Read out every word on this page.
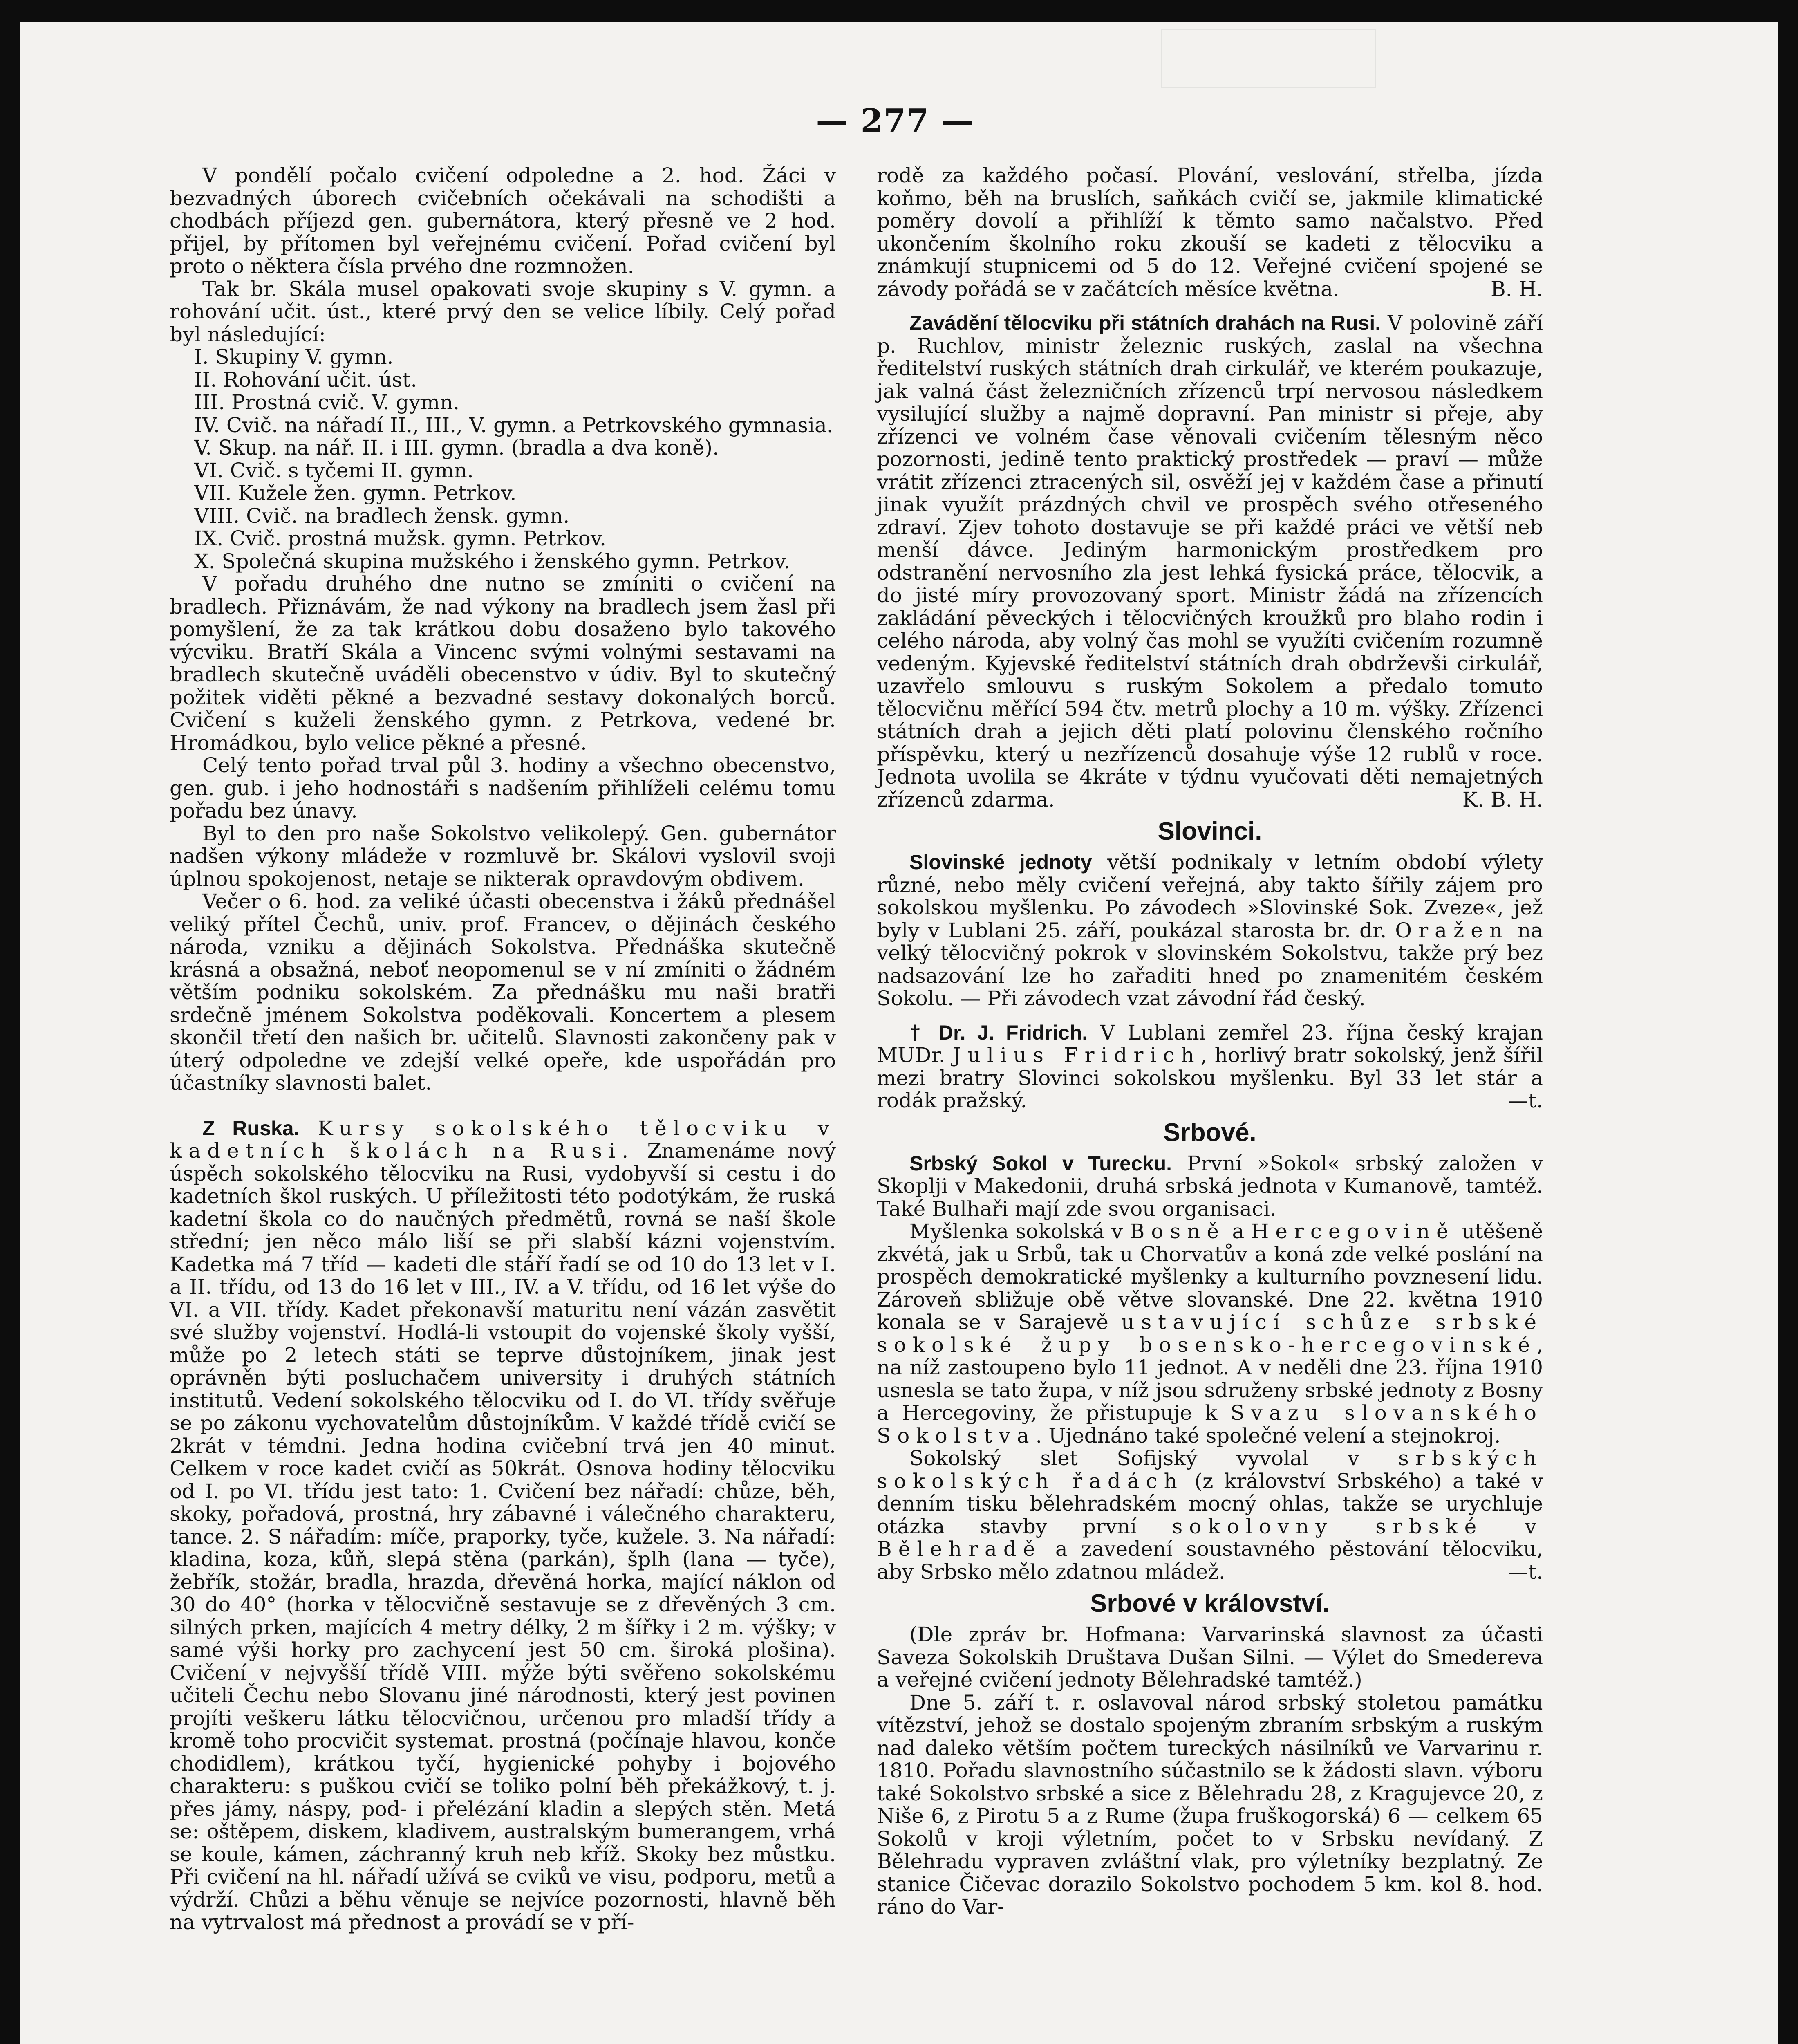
— 277 —

V pondělí počalo cvičení odpoledne a 2. hod. Žáci v bezvadných úborech cvičebních očekávali na schodišti a chodbách příjezd gen. gubernátora, který přesně ve 2 hod. přijel, by přítomen byl veřejnému cvičení. Pořad cvičení byl proto o některa čísla prvého dne rozmnožen.

Tak br. Skála musel opakovati svoje skupiny s V. gymn. a rohování učit. úst., které prvý den se velice líbily. Celý pořad byl následující:

I. Skupiny V. gymn.

II. Rohování učit. úst.

III. Prostná cvič. V. gymn.

IV. Cvič. na nářadí II., III., V. gymn. a Petrkovského gymnasia.

V. Skup. na nář. II. i III. gymn. (bradla a dva koně).

VI. Cvič. s tyčemi II. gymn.

VII. Kužele žen. gymn. Petrkov.

VIII. Cvič. na bradlech žensk. gymn.

IX. Cvič. prostná mužsk. gymn. Petrkov.

X. Společná skupina mužského i ženského gymn. Petrkov.

V pořadu druhého dne nutno se zmíniti o cvičení na bradlech. Přiznávám, že nad výkony na bradlech jsem žasl při pomyšlení, že za tak krátkou dobu dosaženo bylo takového výcviku. Bratří Skála a Vincenc svými volnými sestavami na bradlech skutečně uváděli obecenstvo v údiv. Byl to skutečný požitek viděti pěkné a bezvadné sestavy dokonalých borců. Cvičení s kuželi ženského gymn. z Petrkova, vedené br. Hromádkou, bylo velice pěkné a přesné.

Celý tento pořad trval půl 3. hodiny a všechno obecenstvo, gen. gub. i jeho hodnostáři s nadšením přihlíželi celému tomu pořadu bez únavy.

Byl to den pro naše Sokolstvo velikolepý. Gen. gubernátor nadšen výkony mládeže v rozmluvě br. Skálovi vyslovil svoji úplnou spokojenost, netaje se nikterak opravdovým obdivem.

Večer o 6. hod. za veliké účasti obecenstva i žáků přednášel veliký přítel Čechů, univ. prof. Francev, o dějinách českého národa, vzniku a dějinách Sokolstva. Přednáška skutečně krásná a obsažná, neboť neopomenul se v ní zmíniti o žádném větším podniku sokolském. Za přednášku mu naši bratři srdečně jménem Sokolstva poděkovali. Koncertem a plesem skončil třetí den našich br. učitelů. Slavnosti zakončeny pak v úterý odpoledne ve zdejší velké opeře, kde uspořádán pro účastníky slavnosti balet.

Z Ruska. Kursy sokolského tělocviku v kadetních školách na Rusi. Znamenáme nový úspěch sokolského tělocviku na Rusi, vydobyvší si cestu i do kadetních škol ruských. U příležitosti této podotýkám, že ruská kadetní škola co do naučných předmětů, rovná se naší škole střední; jen něco málo liší se při slabší kázni vojenstvím. Kadetka má 7 tříd — kadeti dle stáří řadí se od 10 do 13 let v I. a II. třídu, od 13 do 16 let v III., IV. a V. třídu, od 16 let výše do VI. a VII. třídy. Kadet překonavší maturitu není vázán zasvětit své služby vojenství. Hodlá-li vstoupit do vojenské školy vyšší, může po 2 letech státi se teprve důstojníkem, jinak jest oprávněn býti posluchačem university i druhých státních institutů. Vedení sokolského tělocviku od I. do VI. třídy svěřuje se po zákonu vychovatelům důstojníkům. V každé třídě cvičí se 2krát v témdni. Jedna hodina cvičební trvá jen 40 minut. Celkem v roce kadet cvičí as 50krát. Osnova hodiny tělocviku od I. po VI. třídu jest tato: 1. Cvičení bez nářadí: chůze, běh, skoky, pořadová, prostná, hry zábavné i válečného charakteru, tance. 2. S nářadím: míče, praporky, tyče, kužele. 3. Na nářadí: kladina, koza, kůň, slepá stěna (parkán), šplh (lana — tyče), žebřík, stožár, bradla, hrazda, dřevěná horka, mající náklon od 30 do 40° (horka v tělocvičně sestavuje se z dřevěných 3 cm. silných prken, majících 4 metry délky, 2 m šířky i 2 m. výšky; v samé výši horky pro zachycení jest 50 cm. široká plošina). Cvičení v nejvyšší třídě VIII. mýže býti svěřeno sokolskému učiteli Čechu nebo Slovanu jiné národnosti, který jest povinen projíti veškeru látku tělocvičnou, určenou pro mladší třídy a kromě toho procvičit systemat. prostná (počínaje hlavou, konče chodidlem), krátkou tyčí, hygienické pohyby i bojového charakteru: s puškou cvičí se toliko polní běh překážkový, t. j. přes jámy, náspy, pod- i přelézání kladin a slepých stěn. Metá se: oštěpem, diskem, kladivem, australským bumerangem, vrhá se koule, kámen, záchranný kruh neb kříž. Skoky bez můstku. Při cvičení na hl. nářadí užívá se cviků ve visu, podporu, metů a výdrží. Chůzi a běhu věnuje se nejvíce pozornosti, hlavně běh na vytrvalost má přednost a provádí se v pří-

rodě za každého počasí. Plování, veslování, střelba, jízda koňmo, běh na bruslích, saňkách cvičí se, jakmile klimatické poměry dovolí a přihlíží k těmto samo načalstvo. Před ukončením školního roku zkouší se kadeti z tělocviku a známkují stupnicemi od 5 do 12. Veřejné cvičení spojené se závody pořádá se v začátcích měsíce května.	B. H.

Zavádění tělocviku při státních drahách na Rusi. V polovině září p. Ruchlov, ministr železnic ruských, zaslal na všechna ředitelství ruských státních drah cirkulář, ve kterém poukazuje, jak valná část železničních zřízenců trpí nervosou následkem vysilující služby a najmě dopravní. Pan ministr si přeje, aby zřízenci ve volném čase věnovali cvičením tělesným něco pozornosti, jedině tento praktický prostředek — praví — může vrátit zřízenci ztracených sil, osvěží jej v každém čase a přinutí jinak využít prázdných chvil ve prospěch svého otřeseného zdraví. Zjev tohoto dostavuje se při každé práci ve větší neb menší dávce. Jediným harmonickým prostředkem pro odstranění nervosního zla jest lehká fysická práce, tělocvik, a do jisté míry provozovaný sport. Ministr žádá na zřízencích zakládání pěveckých i tělocvičných kroužků pro blaho rodin i celého národa, aby volný čas mohl se využíti cvičením rozumně vedeným. Kyjevské ředitelství státních drah obdrževši cirkulář, uzavřelo smlouvu s ruským Sokolem a předalo tomuto tělocvičnu měřící 594 čtv. metrů plochy a 10 m. výšky. Zřízenci státních drah a jejich děti platí polovinu členského ročního příspěvku, který u nezřízenců dosahuje výše 12 rublů v roce. Jednota uvolila se 4kráte v týdnu vyučovati děti nemajetných zřízenců zdarma.	K. B. H.

Slovinci.

Slovinské jednoty větší podnikaly v letním období výlety různé, nebo měly cvičení veřejná, aby takto šířily zájem pro sokolskou myšlenku. Po závodech »Slovinské Sok. Zveze«, jež byly v Lublani 25. září, poukázal starosta br. dr. Oražen na velký tělocvičný pokrok v slovinském Sokolstvu, takže prý bez nadsazování lze ho zařaditi hned po znamenitém českém Sokolu. — Při závodech vzat závodní řád český.

† Dr. J. Fridrich. V Lublani zemřel 23. října český krajan MUDr. Julius Fridrich, horlivý bratr sokolský, jenž šířil mezi bratry Slovinci sokolskou myšlenku. Byl 33 let stár a rodák pražský.	—t.

Srbové.

Srbský Sokol v Turecku. První »Sokol« srbský založen v Skoplji v Makedonii, druhá srbská jednota v Kumanově, tamtéž. Také Bulhaři mají zde svou organisaci.

Myšlenka sokolská v Bosně a Hercegovině utěšeně zkvétá, jak u Srbů, tak u Chorvatův a koná zde velké poslání na prospěch demokratické myšlenky a kulturního povznesení lidu. Zároveň sbližuje obě větve slovanské. Dne 22. května 1910 konala se v Sarajevě ustavující schůze srbské sokolské župy bosensko-hercegovinské, na níž zastoupeno bylo 11 jednot. A v neděli dne 23. října 1910 usnesla se tato župa, v níž jsou sdruženy srbské jednoty z Bosny a Hercegoviny, že přistupuje k Svazu slovanského Sokolstva. Ujednáno také společné velení a stejnokroj.

Sokolský slet Sofijský vyvolal v srbských sokolských řadách (z království Srbského) a také v denním tisku bělehradském mocný ohlas, takže se urychluje otázka stavby první sokolovny srbské v Bělehradě a zavedení soustavného pěstování tělocviku, aby Srbsko mělo zdatnou mládež.	—t.

Srbové v království.

(Dle zpráv br. Hofmana: Varvarinská slavnost za účasti Saveza Sokolskih Društava Dušan Silni. — Výlet do Smedereva a veřejné cvičení jednoty Bělehradské tamtéž.)

Dne 5. září t. r. oslavoval národ srbský stoletou památku vítězství, jehož se dostalo spojeným zbraním srbským a ruským nad daleko větším počtem tureckých násilníků ve Varvarinu r. 1810. Pořadu slavnostního súčastnilo se k žádosti slavn. výboru také Sokolstvo srbské a sice z Bělehradu 28, z Kragujevce 20, z Niše 6, z Pirotu 5 a z Rume (župa fruškogorská) 6 — celkem 65 Sokolů v kroji výletním, počet to v Srbsku nevídaný. Z Bělehradu vypraven zvláštní vlak, pro výletníky bezplatný. Ze stanice Čičevac dorazilo Sokolstvo pochodem 5 km. kol 8. hod. ráno do Var-
